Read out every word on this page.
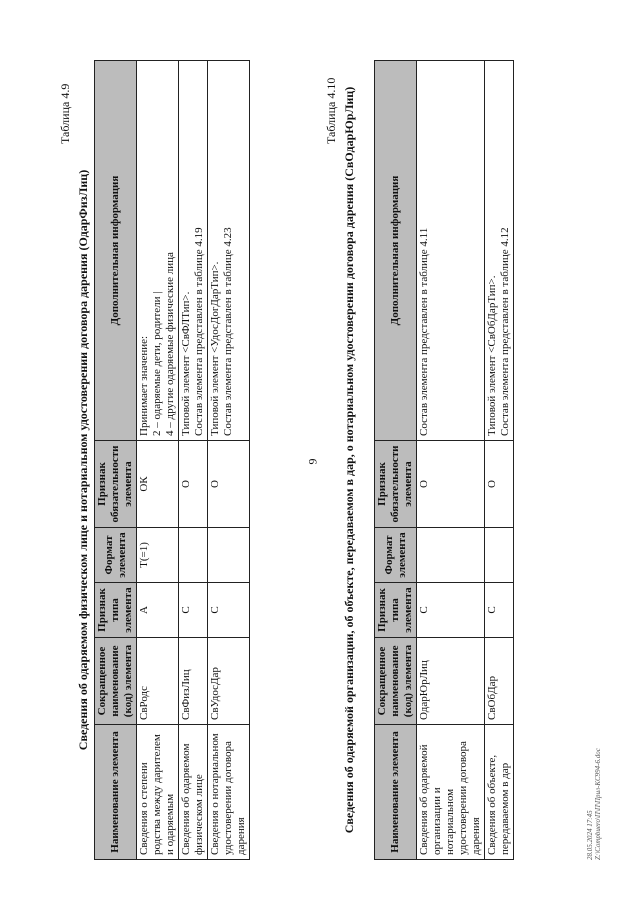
9
Таблица 4.9
Сведения об одаряемом физическом лице и нотариальном удостоверении договора дарения (ОдарФизЛиц)
Наименование элемента	Сокращенное наименование (код) элемента	Признак типа элемента	Формат элемента	Признак обязательности элемента	Дополнительная информация
Сведения о степени родства между дарителем и одаряемым	СвРодс	А	Т(=1)	ОК	Принимает значение: 2 – одаряемые дети, родители | 4 – другие одаряемые физические лица

Сведения об одаряемом физическом лице	СвФизЛиц	С		О	Типовой элемент <СвФЛТип>. Состав элемента представлен в таблице 4.19

Сведения о нотариальном удостоверении договора дарения	СвУдосДар	С		О	Типовой элемент <УдосДогДарТип>. Состав элемента представлен в таблице 4.23
Таблица 4.10 Сведения об одаряемой организации, об объекте, передаваемом в дар, о нотариальном удостоверении договора дарения (СвОдарЮрЛиц)	Наименование элемента	Сокращенное наименование (код) элемента	Признак типа элемента	Формат элемента	Признак обязательности элемента	Дополнительная информация
Сведения об одаряемой организации и нотариальном удостоверении договора дарения	ОдарЮрЛиц	С		О	Состав элемента представлен в таблице 4.11

Сведения об объекте, передаваемом в дар	СвОбДар	С		О	Типовой элемент <СвОбДарТип>. Состав элемента представлен в таблице 4.12
28.05.2024 17:45 Z:\Compbuero\П\П\Прил-KC994-6.doc
